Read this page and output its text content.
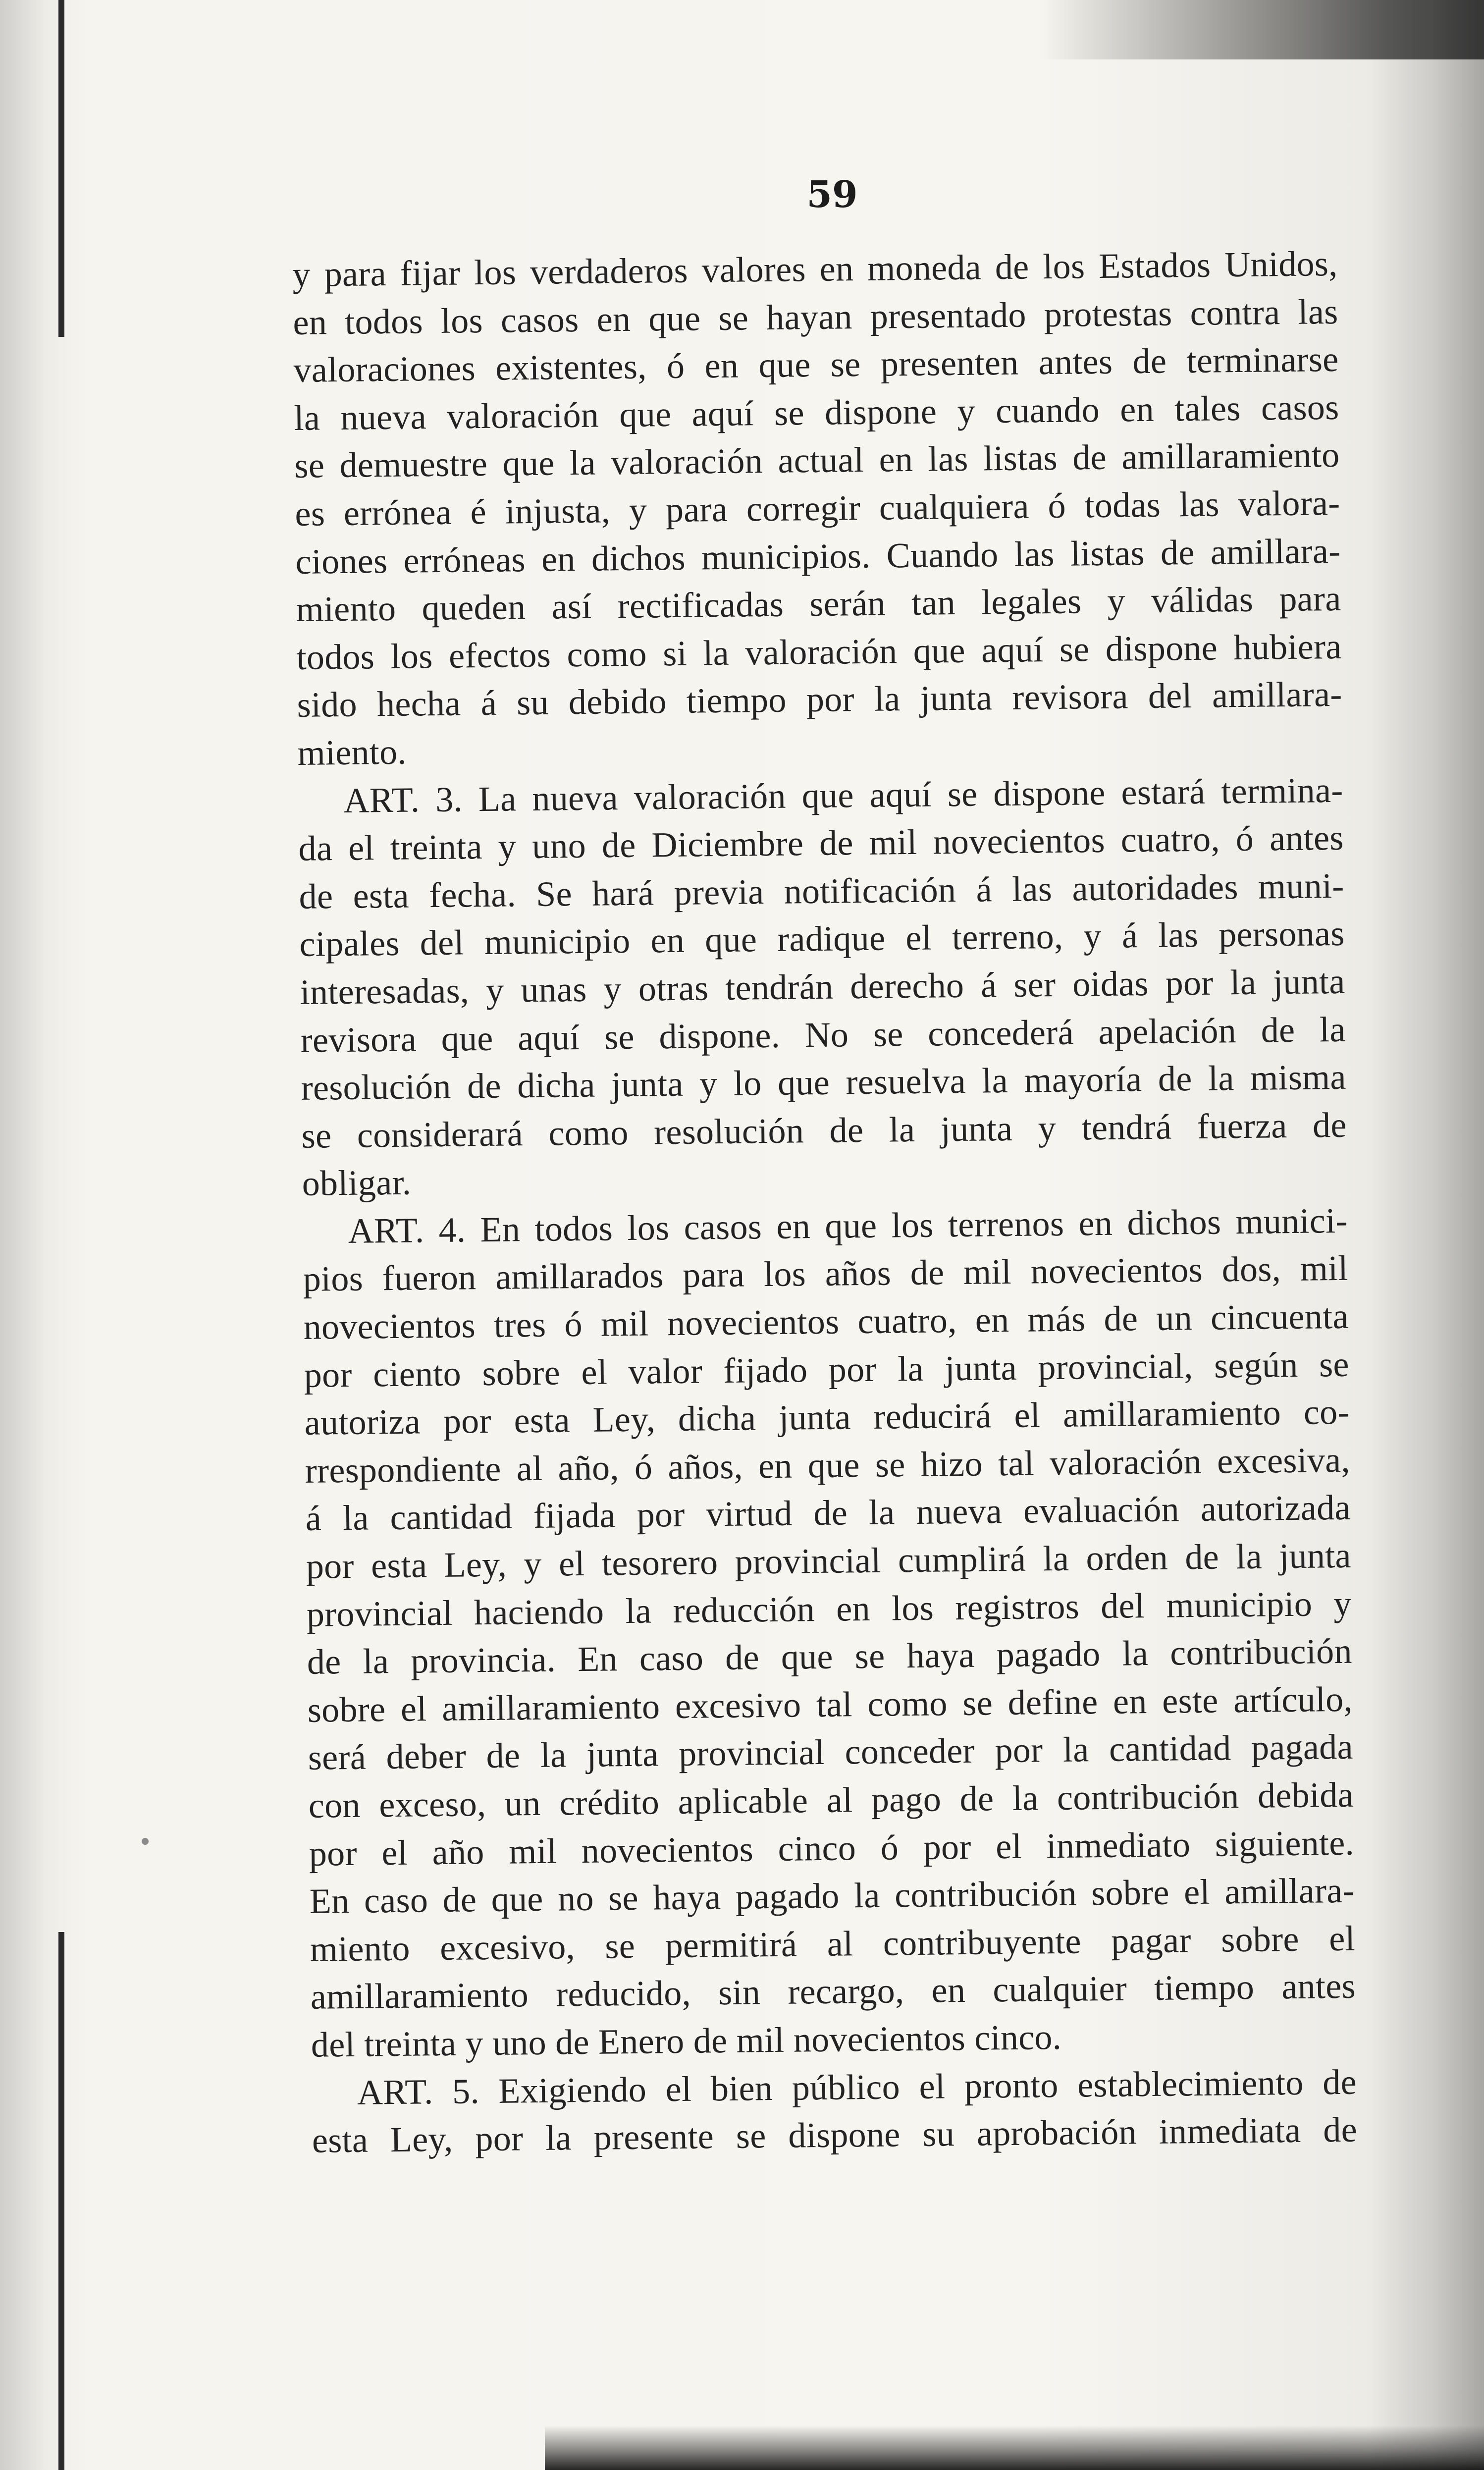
59
y para fijar los verdaderos valores en moneda de los Estados Unidos,
en todos los casos en que se hayan presentado protestas contra las
valoraciones existentes, ó en que se presenten antes de terminarse
la nueva valoración que aquí se dispone y cuando en tales casos
se demuestre que la valoración actual en las listas de amillaramiento
es errónea é injusta, y para corregir cualquiera ó todas las valora-
ciones erróneas en dichos municipios. Cuando las listas de amillara-
miento queden así rectificadas serán tan legales y válidas para
todos los efectos como si la valoración que aquí se dispone hubiera
sido hecha á su debido tiempo por la junta revisora del amillara-
miento.
ART. 3. La nueva valoración que aquí se dispone estará termina-
da el treinta y uno de Diciembre de mil novecientos cuatro, ó antes
de esta fecha. Se hará previa notificación á las autoridades muni-
cipales del municipio en que radique el terreno, y á las personas
interesadas, y unas y otras tendrán derecho á ser oidas por la junta
revisora que aquí se dispone. No se concederá apelación de la
resolución de dicha junta y lo que resuelva la mayoría de la misma
se considerará como resolución de la junta y tendrá fuerza de
obligar.
ART. 4. En todos los casos en que los terrenos en dichos munici-
pios fueron amillarados para los años de mil novecientos dos, mil
novecientos tres ó mil novecientos cuatro, en más de un cincuenta
por ciento sobre el valor fijado por la junta provincial, según se
autoriza por esta Ley, dicha junta reducirá el amillaramiento co-
rrespondiente al año, ó años, en que se hizo tal valoración excesiva,
á la cantidad fijada por virtud de la nueva evaluación autorizada
por esta Ley, y el tesorero provincial cumplirá la orden de la junta
provincial haciendo la reducción en los registros del municipio y
de la provincia. En caso de que se haya pagado la contribución
sobre el amillaramiento excesivo tal como se define en este artículo,
será deber de la junta provincial conceder por la cantidad pagada
con exceso, un crédito aplicable al pago de la contribución debida
por el año mil novecientos cinco ó por el inmediato siguiente.
En caso de que no se haya pagado la contribución sobre el amillara-
miento excesivo, se permitirá al contribuyente pagar sobre el
amillaramiento reducido, sin recargo, en cualquier tiempo antes
del treinta y uno de Enero de mil novecientos cinco.
ART. 5. Exigiendo el bien público el pronto establecimiento de
esta Ley, por la presente se dispone su aprobación inmediata de
